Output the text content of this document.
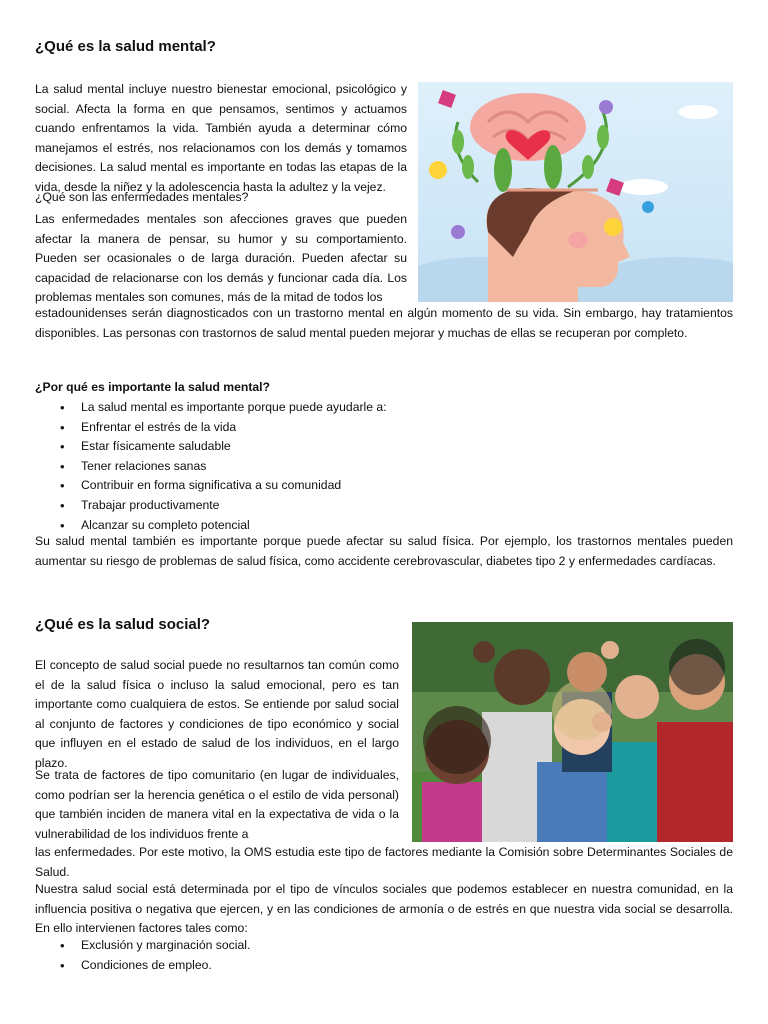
¿Qué es la salud mental?

La salud mental incluye nuestro bienestar emocional, psicológico y social. Afecta la forma en que pensamos, sentimos y actuamos cuando enfrentamos la vida. También ayuda a determinar cómo manejamos el estrés, nos relacionamos con los demás y tomamos decisiones. La salud mental es importante en todas las etapas de la vida, desde la niñez y la adolescencia hasta la adultez y la vejez.

¿Qué son las enfermedades mentales?

Las enfermedades mentales son afecciones graves que pueden afectar la manera de pensar, su humor y su comportamiento. Pueden ser ocasionales o de larga duración. Pueden afectar su capacidad de relacionarse con los demás y funcionar cada día. Los problemas mentales son comunes, más de la mitad de todos los

estadounidenses serán diagnosticados con un trastorno mental en algún momento de su vida. Sin embargo, hay tratamientos disponibles. Las personas con trastornos de salud mental pueden mejorar y muchas de ellas se recuperan por completo.

¿Por qué es importante la salud mental?

• La salud mental es importante porque puede ayudarle a:
• Enfrentar el estrés de la vida
• Estar físicamente saludable
• Tener relaciones sanas
• Contribuir en forma significativa a su comunidad
• Trabajar productivamente
• Alcanzar su completo potencial

Su salud mental también es importante porque puede afectar su salud física. Por ejemplo, los trastornos mentales pueden aumentar su riesgo de problemas de salud física, como accidente cerebrovascular, diabetes tipo 2 y enfermedades cardíacas.

¿Qué es la salud social?

El concepto de salud social puede no resultarnos tan común como el de la salud física o incluso la salud emocional, pero es tan importante como cualquiera de estos. Se entiende por salud social al conjunto de factores y condiciones de tipo económico y social que influyen en el estado de salud de los individuos, en el largo plazo.

Se trata de factores de tipo comunitario (en lugar de individuales, como podrían ser la herencia genética o el estilo de vida personal) que también inciden de manera vital en la expectativa de vida o la vulnerabilidad de los individuos frente a

las enfermedades. Por este motivo, la OMS estudia este tipo de factores mediante la Comisión sobre Determinantes Sociales de Salud.

Nuestra salud social está determinada por el tipo de vínculos sociales que podemos establecer en nuestra comunidad, en la influencia positiva o negativa que ejercen, y en las condiciones de armonía o de estrés en que nuestra vida social se desarrolla. En ello intervienen factores tales como:

• Exclusión y marginación social.
• Condiciones de empleo.
